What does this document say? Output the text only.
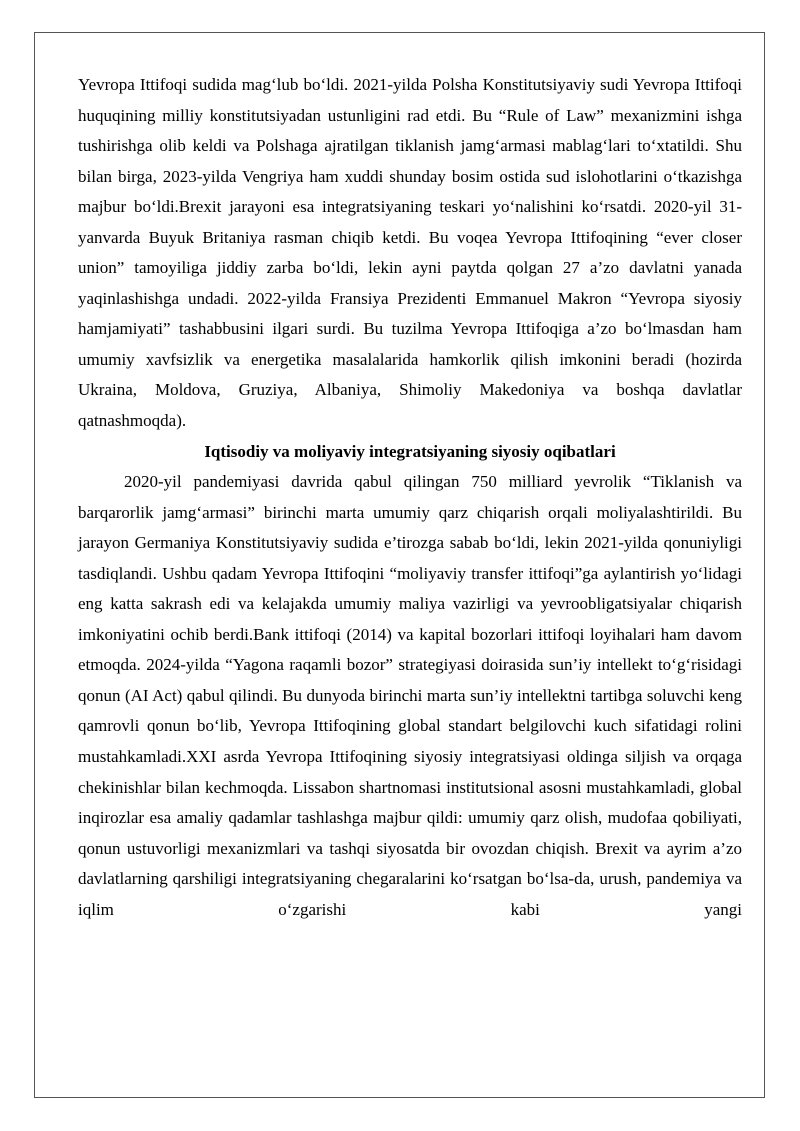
Yevropa Ittifoqi sudida mag‘lub bo‘ldi. 2021-yilda Polsha Konstitutsiyaviy sudi Yevropa Ittifoqi huquqining milliy konstitutsiyadan ustunligini rad etdi. Bu “Rule of Law” mexanizmini ishga tushirishga olib keldi va Polshaga ajratilgan tiklanish jamg‘armasi mablag‘lari to‘xtatildi. Shu bilan birga, 2023-yilda Vengriya ham xuddi shunday bosim ostida sud islohotlarini o‘tkazishga majbur bo‘ldi.Brexit jarayoni esa integratsiyaning teskari yo‘nalishini ko‘rsatdi. 2020-yil 31-yanvarda Buyuk Britaniya rasman chiqib ketdi. Bu voqea Yevropa Ittifoqining “ever closer union” tamoyiliga jiddiy zarba bo‘ldi, lekin ayni paytda qolgan 27 a’zo davlatni yanada yaqinlashishga undadi. 2022-yilda Fransiya Prezidenti Emmanuel Makron “Yevropa siyosiy hamjamiyati” tashabbusini ilgari surdi. Bu tuzilma Yevropa Ittifoqiga a’zo bo‘lmasdan ham umumiy xavfsizlik va energetika masalalarida hamkorlik qilish imkonini beradi (hozirda Ukraina, Moldova, Gruziya, Albaniya, Shimoliy Makedoniya va boshqa davlatlar qatnashmoqda).

Iqtisodiy va moliyaviy integratsiyaning siyosiy oqibatlari

2020-yil pandemiyasi davrida qabul qilingan 750 milliard yevrolik “Tiklanish va barqarorlik jamg‘armasi” birinchi marta umumiy qarz chiqarish orqali moliyalashtirildi. Bu jarayon Germaniya Konstitutsiyaviy sudida e’tirozga sabab bo‘ldi, lekin 2021-yilda qonuniyligi tasdiqlandi. Ushbu qadam Yevropa Ittifoqini “moliyaviy transfer ittifoqi”ga aylantirish yo‘lidagi eng katta sakrash edi va kelajakda umumiy maliya vazirligi va yevroobligatsiyalar chiqarish imkoniyatini ochib berdi.Bank ittifoqi (2014) va kapital bozorlari ittifoqi loyihalari ham davom etmoqda. 2024-yilda “Yagona raqamli bozor” strategiyasi doirasida sun’iy intellekt to‘g‘risidagi qonun (AI Act) qabul qilindi. Bu dunyoda birinchi marta sun’iy intellektni tartibga soluvchi keng qamrovli qonun bo‘lib, Yevropa Ittifoqining global standart belgilovchi kuch sifatidagi rolini mustahkamladi.XXI asrda Yevropa Ittifoqining siyosiy integratsiyasi oldinga siljish va orqaga chekinishlar bilan kechmoqda. Lissabon shartnomasi institutsional asosni mustahkamladi, global inqirozlar esa amaliy qadamlar tashlashga majbur qildi: umumiy qarz olish, mudofaa qobiliyati, qonun ustuvorligi mexanizmlari va tashqi siyosatda bir ovozdan chiqish. Brexit va ayrim a’zo davlatlarning qarshiligi integratsiyaning chegaralarini ko‘rsatgan bo‘lsa-da, urush, pandemiya va iqlim o‘zgarishi kabi yangi
